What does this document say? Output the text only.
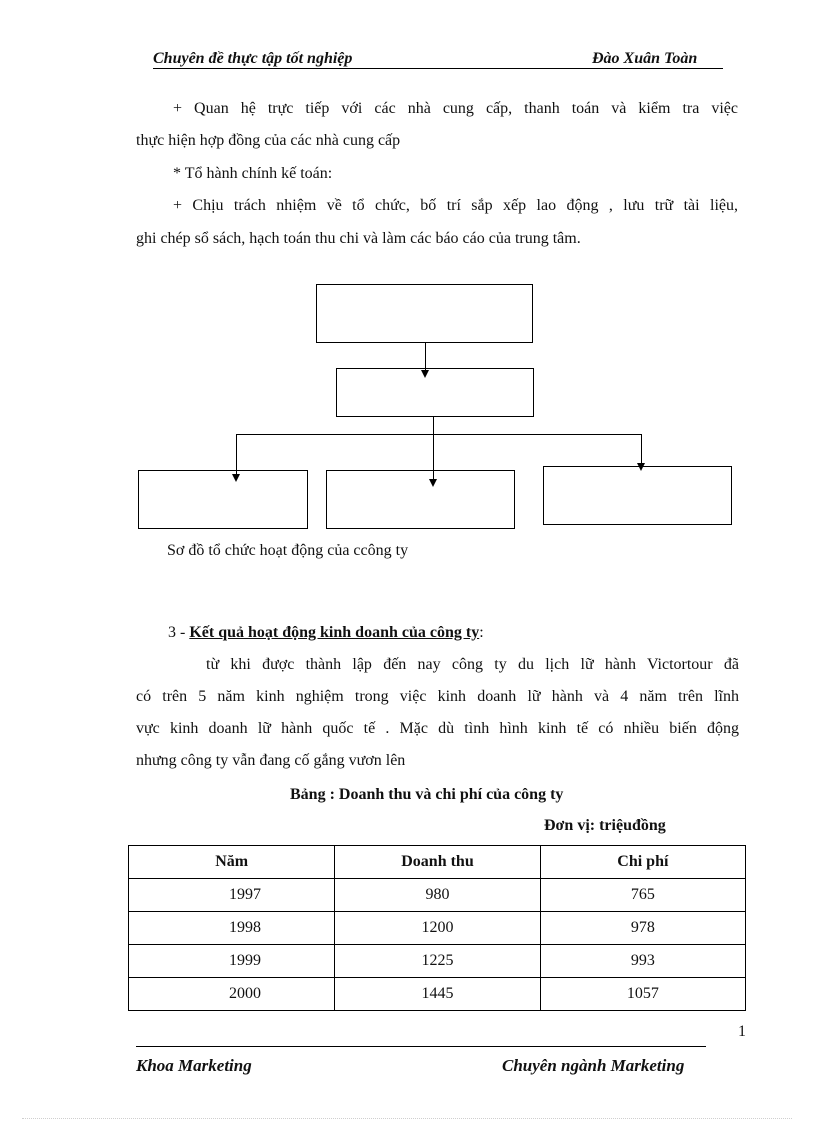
Chuyên đề thực tập tốt nghiệp	Đào Xuân Toàn
+ Quan hệ trực tiếp với các nhà cung cấp, thanh toán và kiểm tra việc
thực hiện hợp đồng của các nhà cung cấp
* Tổ hành chính kế toán:
+ Chịu trách nhiệm về tổ chức, bố trí sắp xếp lao động , lưu trữ tài liệu,
ghi chép sổ sách, hạch toán thu chi và làm các báo cáo của trung tâm.
Sơ đồ tổ chức hoạt động của ccông ty
3 - Kết quả hoạt động kinh doanh của công ty:
từ khi được thành lập đến nay công ty du lịch lữ hành Victortour đã
có trên 5 năm kinh nghiệm trong việc kinh doanh lữ hành và 4 năm trên lĩnh
vực kinh doanh lữ hành quốc tế . Mặc dù tình hình kinh tế có nhiều biến động
nhưng công ty vẫn đang cố gắng vươn lên
Bảng : Doanh thu và chi phí của công ty
Đơn vị: triệuđồng
Năm	Doanh thu	Chi phí
1997	980	765
1998	1200	978
1999	1225	993
2000	1445	1057
1
Khoa Marketing	Chuyên ngành Marketing
